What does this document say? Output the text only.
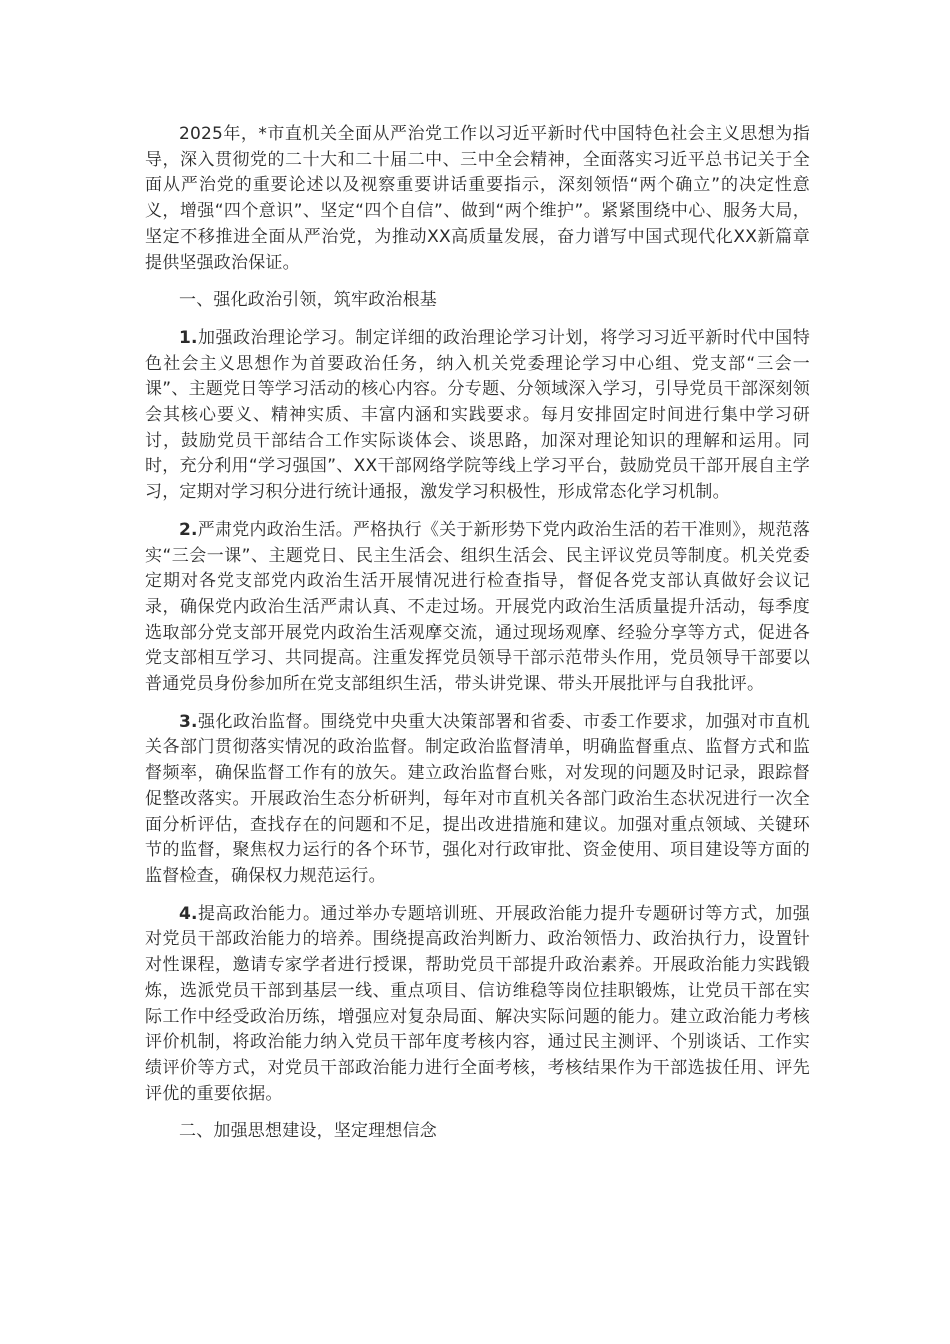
2025年，*市直机关全面从严治党工作以习近平新时代中国特色社会主义思想为指导，深入贯彻党的二十大和二十届二中、三中全会精神，全面落实习近平总书记关于全面从严治党的重要论述以及视察重要讲话重要指示，深刻领悟“两个确立”的决定性意义，增强“四个意识”、坚定“四个自信”、做到“两个维护”。紧紧围绕中心、服务大局，坚定不移推进全面从严治党，为推动XX高质量发展，奋力谱写中国式现代化XX新篇章提供坚强政治保证。

一、强化政治引领，筑牢政治根基

1.加强政治理论学习。制定详细的政治理论学习计划，将学习习近平新时代中国特色社会主义思想作为首要政治任务，纳入机关党委理论学习中心组、党支部“三会一课”、主题党日等学习活动的核心内容。分专题、分领域深入学习，引导党员干部深刻领会其核心要义、精神实质、丰富内涵和实践要求。每月安排固定时间进行集中学习研讨，鼓励党员干部结合工作实际谈体会、谈思路，加深对理论知识的理解和运用。同时，充分利用“学习强国”、XX干部网络学院等线上学习平台，鼓励党员干部开展自主学习，定期对学习积分进行统计通报，激发学习积极性，形成常态化学习机制。

2.严肃党内政治生活。严格执行《关于新形势下党内政治生活的若干准则》，规范落实“三会一课”、主题党日、民主生活会、组织生活会、民主评议党员等制度。机关党委定期对各党支部党内政治生活开展情况进行检查指导，督促各党支部认真做好会议记录，确保党内政治生活严肃认真、不走过场。开展党内政治生活质量提升活动，每季度选取部分党支部开展党内政治生活观摩交流，通过现场观摩、经验分享等方式，促进各党支部相互学习、共同提高。注重发挥党员领导干部示范带头作用，党员领导干部要以普通党员身份参加所在党支部组织生活，带头讲党课、带头开展批评与自我批评。

3.强化政治监督。围绕党中央重大决策部署和省委、市委工作要求，加强对市直机关各部门贯彻落实情况的政治监督。制定政治监督清单，明确监督重点、监督方式和监督频率，确保监督工作有的放矢。建立政治监督台账，对发现的问题及时记录，跟踪督促整改落实。开展政治生态分析研判，每年对市直机关各部门政治生态状况进行一次全面分析评估，查找存在的问题和不足，提出改进措施和建议。加强对重点领域、关键环节的监督，聚焦权力运行的各个环节，强化对行政审批、资金使用、项目建设等方面的监督检查，确保权力规范运行。

4.提高政治能力。通过举办专题培训班、开展政治能力提升专题研讨等方式，加强对党员干部政治能力的培养。围绕提高政治判断力、政治领悟力、政治执行力，设置针对性课程，邀请专家学者进行授课，帮助党员干部提升政治素养。开展政治能力实践锻炼，选派党员干部到基层一线、重点项目、信访维稳等岗位挂职锻炼，让党员干部在实际工作中经受政治历练，增强应对复杂局面、解决实际问题的能力。建立政治能力考核评价机制，将政治能力纳入党员干部年度考核内容，通过民主测评、个别谈话、工作实绩评价等方式，对党员干部政治能力进行全面考核，考核结果作为干部选拔任用、评先评优的重要依据。

二、加强思想建设，坚定理想信念
